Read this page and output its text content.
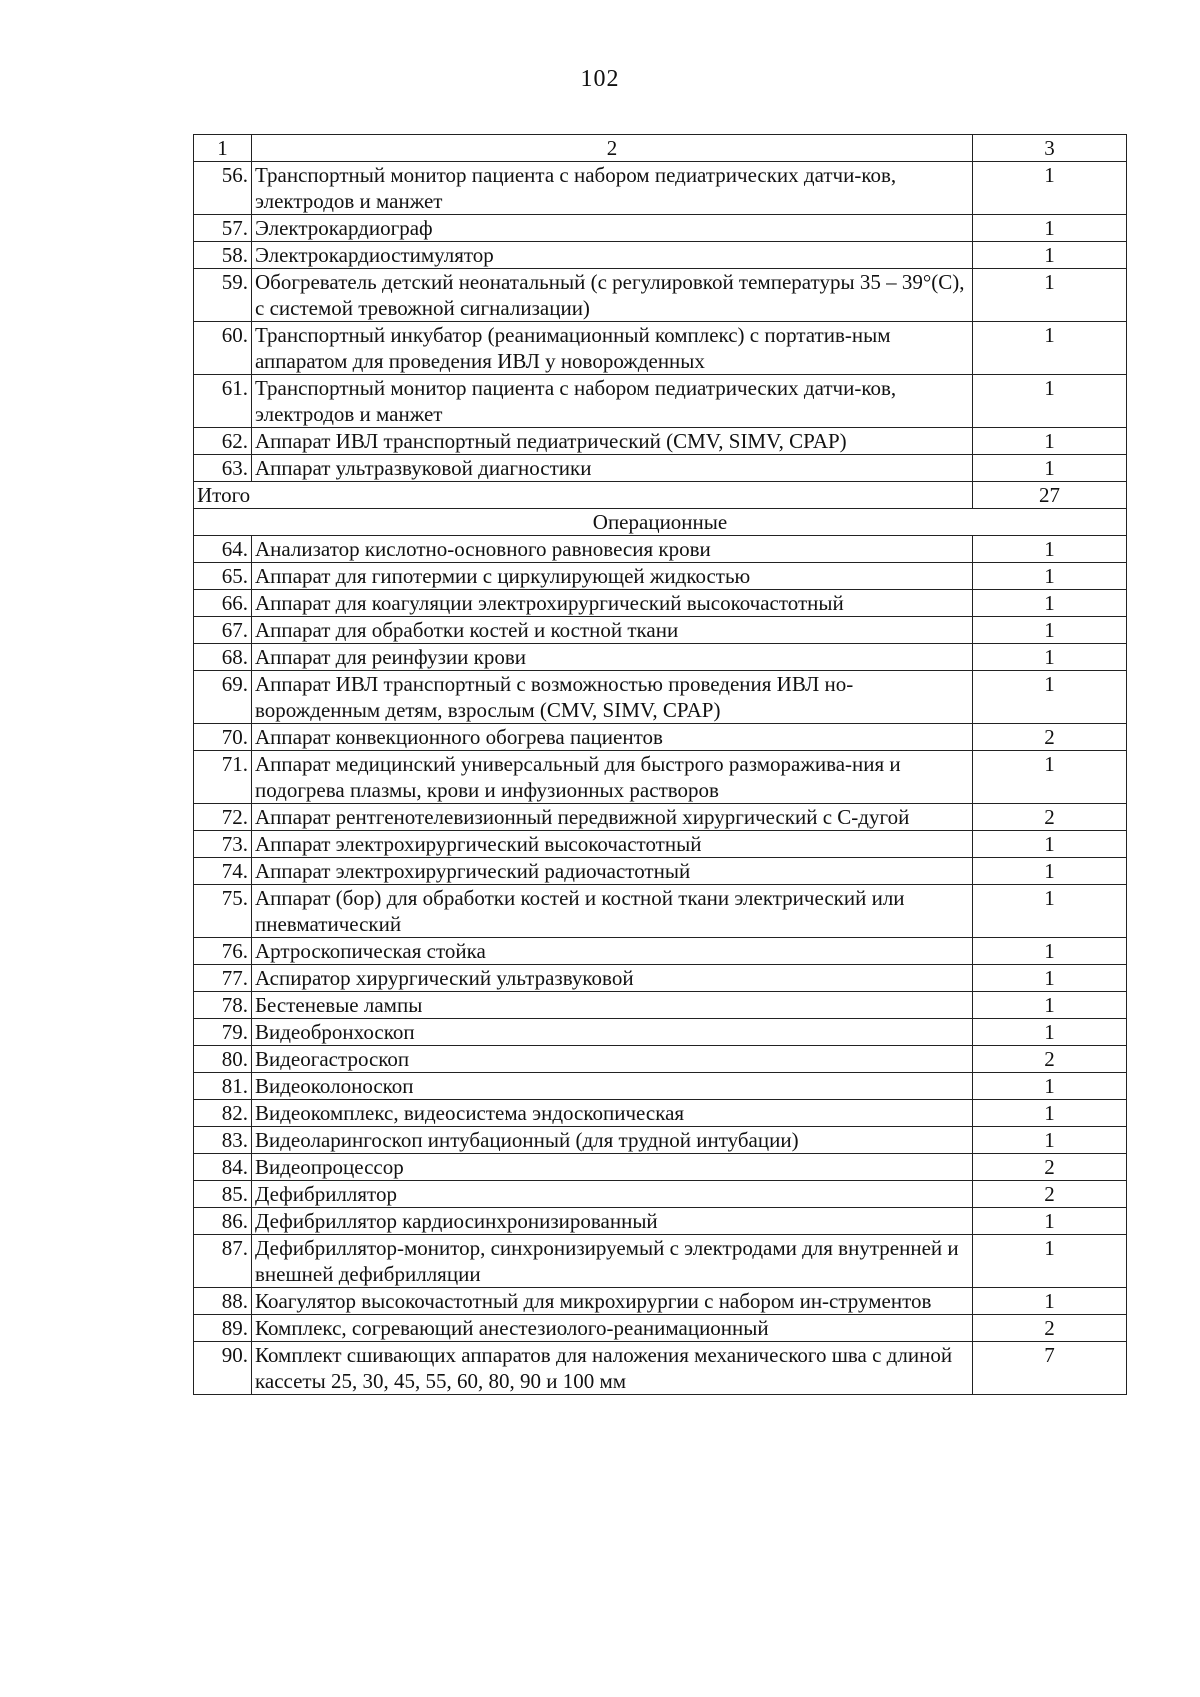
102
1	2	3
56.	Транспортный монитор пациента с набором педиатрических датчи-ков, электродов и манжет	1
57.	Электрокардиограф	1
58.	Электрокардиостимулятор	1
59.	Обогреватель детский неонатальный (с регулировкой температуры 35 – 39°(С), с системой тревожной сигнализации)	1
60.	Транспортный инкубатор (реанимационный комплекс) с портатив-ным аппаратом для проведения ИВЛ у новорожденных	1
61.	Транспортный монитор пациента с набором педиатрических датчи-ков, электродов и манжет	1
62.	Аппарат ИВЛ транспортный педиатрический (CMV, SIMV, CPAP)	1
63.	Аппарат ультразвуковой диагностики	1
Итого		27
Операционные		
64.	Анализатор кислотно-основного равновесия крови	1
65.	Аппарат для гипотермии с циркулирующей жидкостью	1
66.	Аппарат для коагуляции электрохирургический высокочастотный	1
67.	Аппарат для обработки костей и костной ткани	1
68.	Аппарат для реинфузии крови	1
69.	Аппарат ИВЛ транспортный с возможностью проведения ИВЛ но-ворожденным детям, взрослым (CMV, SIMV, CPAP)	1
70.	Аппарат конвекционного обогрева пациентов	2
71.	Аппарат медицинский универсальный для быстрого разморажива-ния и подогрева плазмы, крови и инфузионных растворов	1
72.	Аппарат рентгенотелевизионный передвижной хирургический с С-дугой	2
73.	Аппарат электрохирургический высокочастотный	1
74.	Аппарат электрохирургический радиочастотный	1
75.	Аппарат (бор) для обработки костей и костной ткани электрический или пневматический	1
76.	Артроскопическая стойка	1
77.	Аспиратор хирургический ультразвуковой	1
78.	Бестеневые лампы	1
79.	Видеобронхоскоп	1
80.	Видеогастроскоп	2
81.	Видеоколоноскоп	1
82.	Видеокомплекс, видеосистема эндоскопическая	1
83.	Видеоларингоскоп интубационный (для трудной интубации)	1
84.	Видеопроцессор	2
85.	Дефибриллятор	2
86.	Дефибриллятор кардиосинхронизированный	1
87.	Дефибриллятор-монитор, синхронизируемый с электродами для внутренней и внешней дефибрилляции	1
88.	Коагулятор высокочастотный для микрохирургии с набором ин-струментов	1
89.	Комплекс, согревающий анестезиолого-реанимационный	2
90.	Комплект сшивающих аппаратов для наложения механического шва с длиной кассеты 25, 30, 45, 55, 60, 80, 90 и 100 мм	7
